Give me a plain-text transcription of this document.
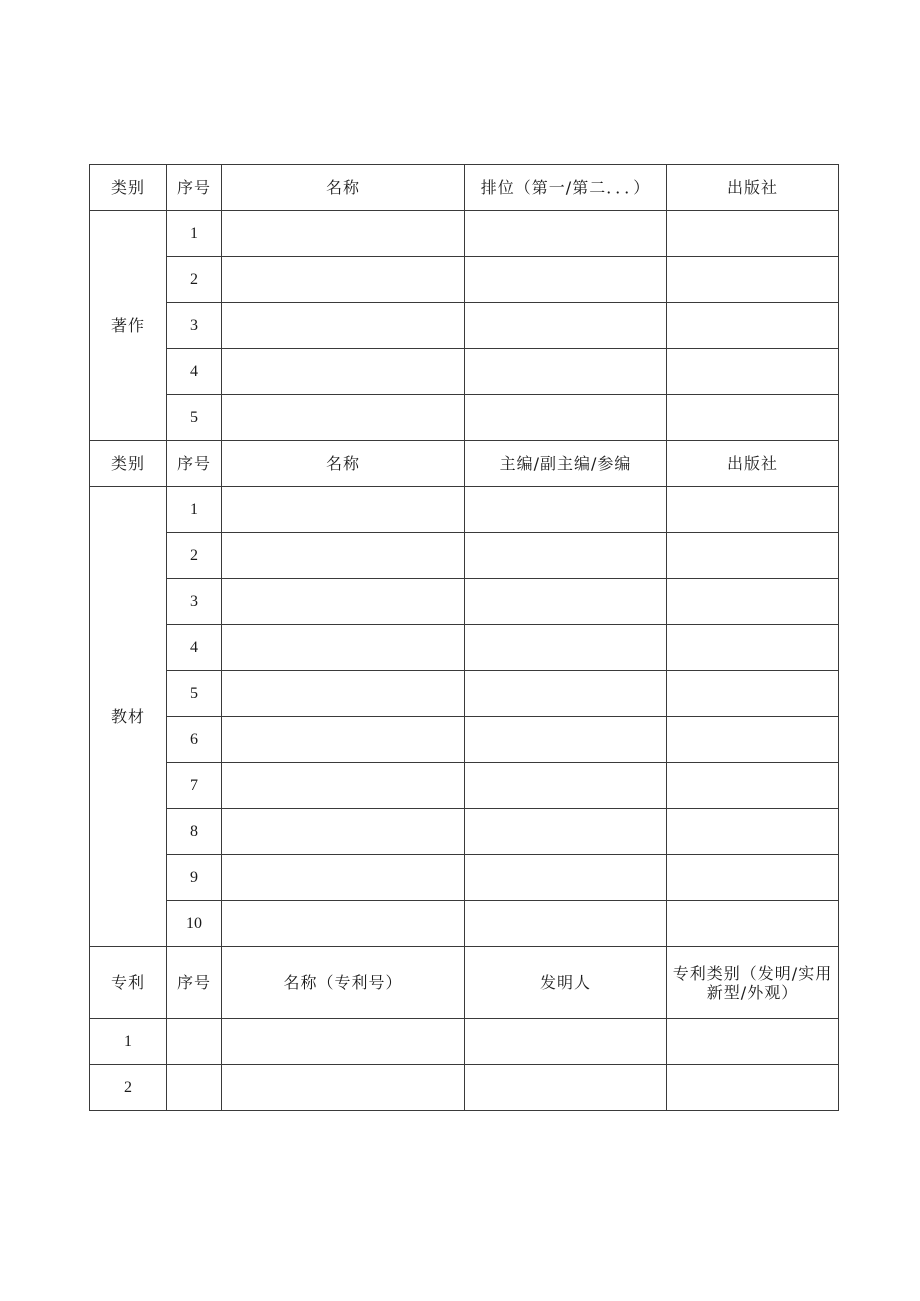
类别	序号	名称	排位（第一/第二．．．）	出版社
著作	1			
	2			
	3			
	4			
	5			
类别	序号	名称	主编/副主编/参编	出版社
教材	1			
	2			
	3			
	4			
	5			
	6			
	7			
	8			
	9			
	10			
专利	序号	名称（专利号）	发明人	专利类别（发明/实用新型/外观）
1				
2				
